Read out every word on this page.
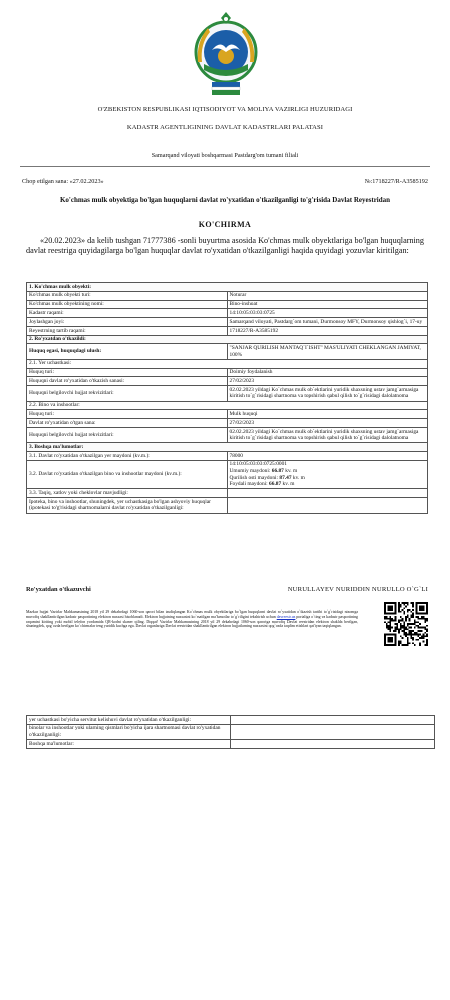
O'ZBEKISTON RESPUBLIKASI IQTISODIYOT VA MOLIYA VAZIRLIGI HUZURIDAGI
KADASTR AGENTLIGINING DAVLAT KADASTRLARI PALATASI
Samarqand viloyati boshqarmasi Pastdarg'om tumani filiali
Chop etilgan sana: «27.02.2023»	№:1718227/R-A3585192
Ko'chmas mulk obyektiga bo'lgan huquqlarni davlat ro'yxatidan o'tkazilganligi to'g'risida Davlat Reyestridan
KO'CHIRMA

«20.02.2023» da kelib tushgan 71777386 -sonli buyurtma asosida Ko'chmas mulk obyektlariga bo'lgan huquqlarning davlat reestriga quyidagilarga bo'lgan huquqlar davlat ro'yxatidan o'tkazilganligi haqida quyidagi yozuvlar kiritilgan:

1. Ko'chmas mulk obyekti:	
Ko'chmas mulk obyekti turi:	Noturar
Ko'chmas mulk obyektining nomi:	Bino-inshoat
Kadastr raqami:	14:10:05:03:03:0725
Joylashgan joyi:	Samarqand viloyati, Pastdarg`om tumani, Durmonsoy MFY, Durmonsoy qishlog`i, 17-uy
Reyestrning tartib raqami:	1718227/R-A3585192
2. Ro'yxatdan o'tkazildi:	
Huquq egasi, huquqdagi ulush:	"SANJAR QURILISH MANTAQ`I`ISHT" MAS'ULIYATI CHEKLANGAN JAMIYAT, 100%
2.1. Yer uchastkasi:	
Huquq turi:	Doimiy foydalanish
Huquqni davlat ro'yxatidan o'tkazish sanasi:	27/02/2023
Huquqni belgilovchi hujjat rekvizitlari:	02.02.2023 yildagi Ko`chmas mulk ob`ektlarini yuridik shaxsning ustav jamg`armasiga kiritish to`g`risidagi shartnoma va topshirish qabul qilish to`g`risidagi dalolatnoma
2.2. Bino va inshootlar:	
Huquq turi:	Mulk huquqi
Davlat ro'yxatidan o'tgan sana:	27/02/2023
Huquqni belgilovchi hujjat rekvizitlari:	02.02.2023 yildagi Ko`chmas mulk ob`ektlarini yuridik shaxsning ustav jamg`armasiga kiritish to`g`risidagi shartnoma va topshirish qabul qilish to`g`risidagi dalolatnoma
3. Boshqa ma'lumotlar:	
3.1. Davlat ro'yxatidan o'tkazilgan yer maydoni (kv.m.):	78000
3.2. Davlat ro'yxatidan o'tkazilgan bino va inshootlar maydoni (kv.m.):	14:10:05:03:03:0725:0001
Umumiy maydoni: 66.87 kv. m
Qurilish osti maydoni: 87.47 kv. m
Foydali maydoni: 66.87 kv. m

3.3. Taqiq, xatlov yoki cheklovlar mavjudligi:	
Ipoteka, bino va inshootlar, shuningdek, yer uchastkasiga bo'lgan ashyoviy huquqlar (ipotekasi to'g'risidagi shartnomalarni davlat ro'yxatidan o'tkazilganligi:	
Ro'yxatdan o'tkazuvchi	NURULLAYEV NURIDDIN NURULLO O`G`LI

Mazkur hujjat Vazirlar Mahkamasining 2018 yil 29 dekabrdagi 1060-son qarori bilan tasdiqlangan Ko`chmas mulk obyektlariga bo`lgan huquqlarni davlat ro`yxatidan o`tkazish tartibi to`g`risidagi nizomga muvofiq shakllantirilgan kadastr pasportining elektron nusxasi hisoblanadi. Elektron hujjatning nusxasini ko`rsatilgan ma'lumotlar to`g`riligini tekshirish uchun davreestr.uz portaliga o`ting va kadastr pasportining raqamini kiriting yoki mobil telefon yordamida QR-kodni skaner qiling. Diqqat! Vazirlar Mahkamasining 2018 yil 29 dekabrdagi 1060-son qaroriga muvofiq Davlat reestridan elektron shaklda berilgan, shuningdek, qog`ozda berilgan ko`chirmalar teng yuridik kuchga ega. Davlat organlariga Davlat reestridan shakllantirilgan elektron hujjatlarning nusxasini qog`ozda taqdim etishlari qat'iyan taqiqlangan.

yer uchastkasi bo'yicha servitut kelishuvi davlat ro'yxatidan o'tkazilganligi:	
binolar va inshootlar yoki ularning qismlari bo'yicha ijara shartnomasi davlat ro'yxatidan o'tkazilganligi:	
Boshqa ma'lumotlar:	
